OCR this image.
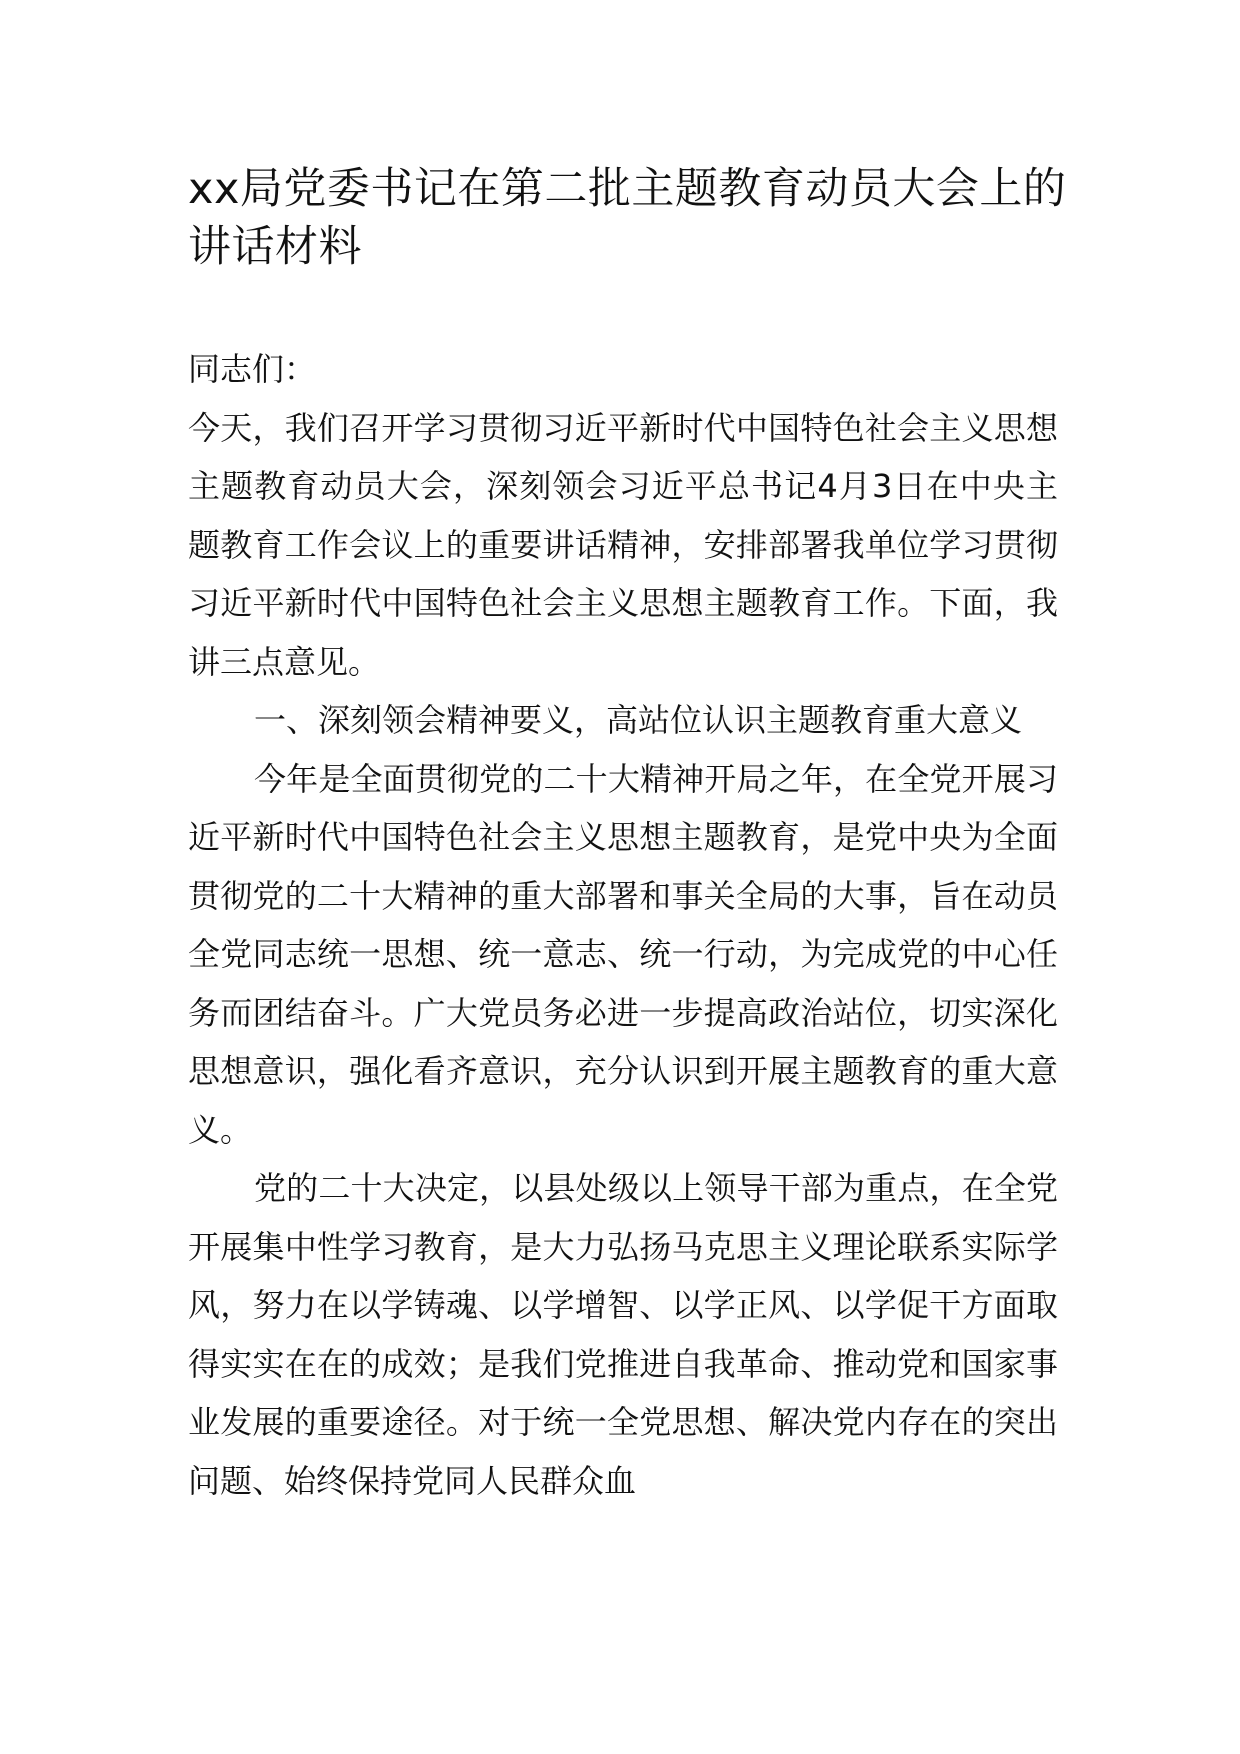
xx局党委书记在第二批主题教育动员大会上的讲话材料

同志们：

今天，我们召开学习贯彻习近平新时代中国特色社会主义思想主题教育动员大会，深刻领会习近平总书记4月3日在中央主题教育工作会议上的重要讲话精神，安排部署我单位学习贯彻习近平新时代中国特色社会主义思想主题教育工作。下面，我讲三点意见。

一、深刻领会精神要义，高站位认识主题教育重大意义

今年是全面贯彻党的二十大精神开局之年，在全党开展习近平新时代中国特色社会主义思想主题教育，是党中央为全面贯彻党的二十大精神的重大部署和事关全局的大事，旨在动员全党同志统一思想、统一意志、统一行动，为完成党的中心任务而团结奋斗。广大党员务必进一步提高政治站位，切实深化思想意识，强化看齐意识，充分认识到开展主题教育的重大意义。

党的二十大决定，以县处级以上领导干部为重点，在全党开展集中性学习教育，是大力弘扬马克思主义理论联系实际学风，努力在以学铸魂、以学增智、以学正风、以学促干方面取得实实在在的成效；是我们党推进自我革命、推动党和国家事业发展的重要途径。对于统一全党思想、解决党内存在的突出问题、始终保持党同人民群众血
